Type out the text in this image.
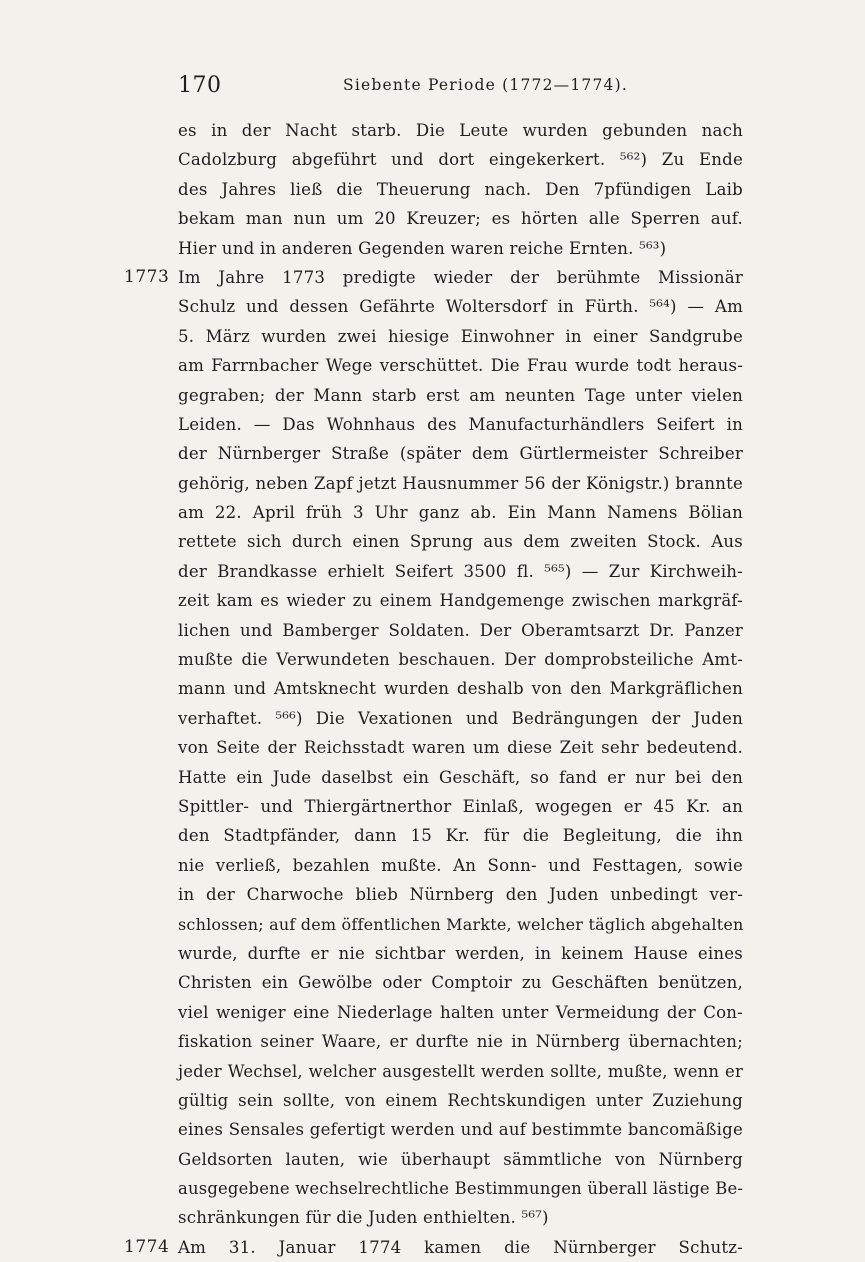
170	Siebente Periode (1772—1774).
es in der Nacht starb. Die Leute wurden gebunden nach
Cadolzburg abgeführt und dort eingekerkert. ⁵⁶²) Zu Ende
des Jahres ließ die Theuerung nach. Den 7pfündigen Laib
bekam man nun um 20 Kreuzer; es hörten alle Sperren auf.
Hier und in anderen Gegenden waren reiche Ernten. ⁵⁶³)
1773 Im Jahre 1773 predigte wieder der berühmte Missionär
Schulz und dessen Gefährte Woltersdorf in Fürth. ⁵⁶⁴) — Am
5. März wurden zwei hiesige Einwohner in einer Sandgrube
am Farrnbacher Wege verschüttet. Die Frau wurde todt heraus-
gegraben; der Mann starb erst am neunten Tage unter vielen
Leiden. — Das Wohnhaus des Manufacturhändlers Seifert in
der Nürnberger Straße (später dem Gürtlermeister Schreiber
gehörig, neben Zapf jetzt Hausnummer 56 der Königstr.) brannte
am 22. April früh 3 Uhr ganz ab. Ein Mann Namens Bölian
rettete sich durch einen Sprung aus dem zweiten Stock. Aus
der Brandkasse erhielt Seifert 3500 fl. ⁵⁶⁵) — Zur Kirchweih-
zeit kam es wieder zu einem Handgemenge zwischen markgräf-
lichen und Bamberger Soldaten. Der Oberamtsarzt Dr. Panzer
mußte die Verwundeten beschauen. Der domprobsteiliche Amt-
mann und Amtsknecht wurden deshalb von den Markgräflichen
verhaftet. ⁵⁶⁶) Die Vexationen und Bedrängungen der Juden
von Seite der Reichsstadt waren um diese Zeit sehr bedeutend.
Hatte ein Jude daselbst ein Geschäft, so fand er nur bei den
Spittler- und Thiergärtnerthor Einlaß, wogegen er 45 Kr. an
den Stadtpfänder, dann 15 Kr. für die Begleitung, die ihn
nie verließ, bezahlen mußte. An Sonn- und Festtagen, sowie
in der Charwoche blieb Nürnberg den Juden unbedingt ver-
schlossen; auf dem öffentlichen Markte, welcher täglich abgehalten
wurde, durfte er nie sichtbar werden, in keinem Hause eines
Christen ein Gewölbe oder Comptoir zu Geschäften benützen,
viel weniger eine Niederlage halten unter Vermeidung der Con-
fiskation seiner Waare, er durfte nie in Nürnberg übernachten;
jeder Wechsel, welcher ausgestellt werden sollte, mußte, wenn er
gültig sein sollte, von einem Rechtskundigen unter Zuziehung
eines Sensales gefertigt werden und auf bestimmte bancomäßige
Geldsorten lauten, wie überhaupt sämmtliche von Nürnberg
ausgegebene wechselrechtliche Bestimmungen überall lästige Be-
schränkungen für die Juden enthielten. ⁵⁶⁷)
1774 Am 31. Januar 1774 kamen die Nürnberger Schutz-
